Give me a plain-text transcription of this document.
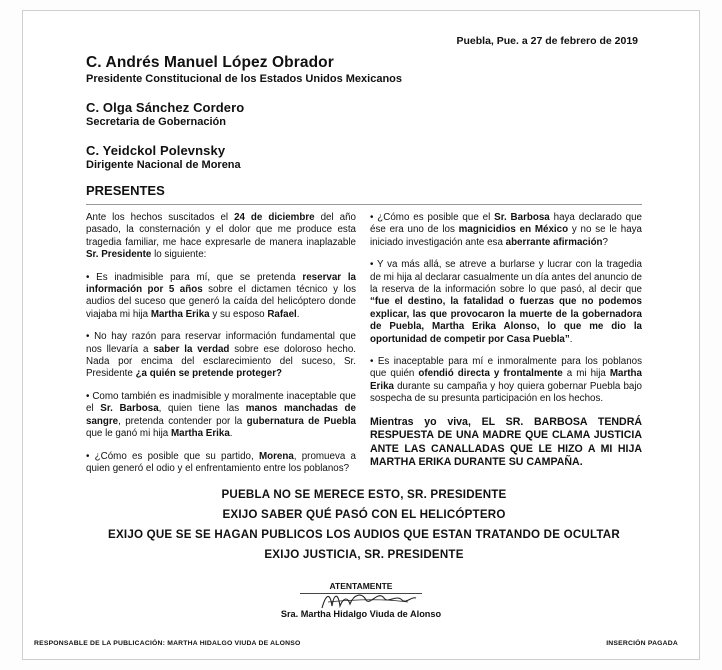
Puebla, Pue. a 27 de febrero de 2019
C. Andrés Manuel López Obrador
Presidente Constitucional de los Estados Unidos Mexicanos
C. Olga Sánchez Cordero
Secretaria de Gobernación
C. Yeidckol Polevnsky
Dirigente Nacional de Morena
PRESENTES

Ante los hechos suscitados el 24 de diciembre del año pasado, la consternación y el dolor que me produce esta tragedia familiar, me hace expresarle de manera inaplazable Sr. Presidente lo siguiente:

• Es inadmisible para mí, que se pretenda reservar la información por 5 años sobre el dictamen técnico y los audios del suceso que generó la caída del helicóptero donde viajaba mi hija Martha Erika y su esposo Rafael.

• No hay razón para reservar información fundamental que nos llevaría a saber la verdad sobre ese doloroso hecho. Nada por encima del esclarecimiento del suceso, Sr. Presidente ¿a quién se pretende proteger?

• Como también es inadmisible y moralmente inaceptable que el Sr. Barbosa, quien tiene las manos manchadas de sangre, pretenda contender por la gubernatura de Puebla que le ganó mi hija Martha Erika.

• ¿Cómo es posible que su partido, Morena, promueva a quien generó el odio y el enfrentamiento entre los poblanos?

• ¿Cómo es posible que el Sr. Barbosa haya declarado que ése era uno de los magnicidios en México y no se le haya iniciado investigación ante esa aberrante afirmación?

• Y va más allá, se atreve a burlarse y lucrar con la tragedia de mi hija al declarar casualmente un día antes del anuncio de la reserva de la información sobre lo que pasó, al decir que “fue el destino, la fatalidad o fuerzas que no podemos explicar, las que provocaron la muerte de la gobernadora de Puebla, Martha Erika Alonso, lo que me dio la oportunidad de competir por Casa Puebla”.

• Es inaceptable para mí e inmoralmente para los poblanos que quién ofendió directa y frontalmente a mi hija Martha Erika durante su campaña y hoy quiera gobernar Puebla bajo sospecha de su presunta participación en los hechos.

Mientras yo viva, EL SR. BARBOSA TENDRÁ RESPUESTA DE UNA MADRE QUE CLAMA JUSTICIA ANTE LAS CANALLADAS QUE LE HIZO A MI HIJA MARTHA ERIKA DURANTE SU CAMPAÑA.

PUEBLA NO SE MERECE ESTO, SR. PRESIDENTE
EXIJO SABER QUÉ PASÓ CON EL HELICÓPTERO
EXIJO QUE SE SE HAGAN PUBLICOS LOS AUDIOS QUE ESTAN TRATANDO DE OCULTAR
EXIJO JUSTICIA, SR. PRESIDENTE
ATENTAMENTE
Sra. Martha Hidalgo Viuda de Alonso
RESPONSABLE DE LA PUBLICACIÓN: MARTHA HIDALGO VIUDA DE ALONSO	INSERCIÓN PAGADA
